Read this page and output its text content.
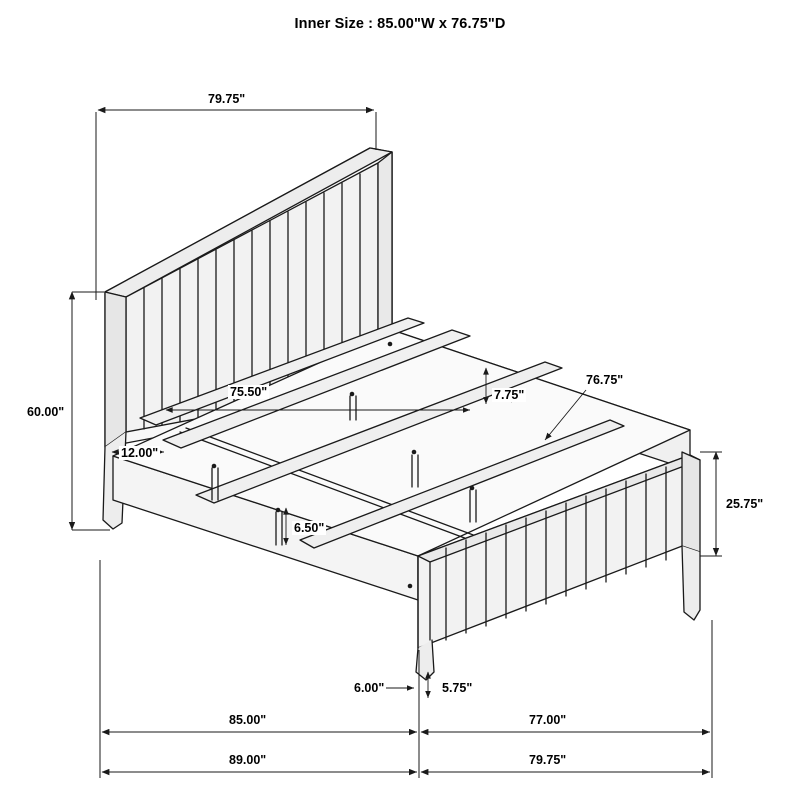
Inner Size : 85.00"W x 76.75"D
79.75"
60.00"
75.50"
76.75"
7.75"
12.00"
6.50"
25.75"
6.00"	5.75"
85.00"	77.00"
89.00"	79.75"
